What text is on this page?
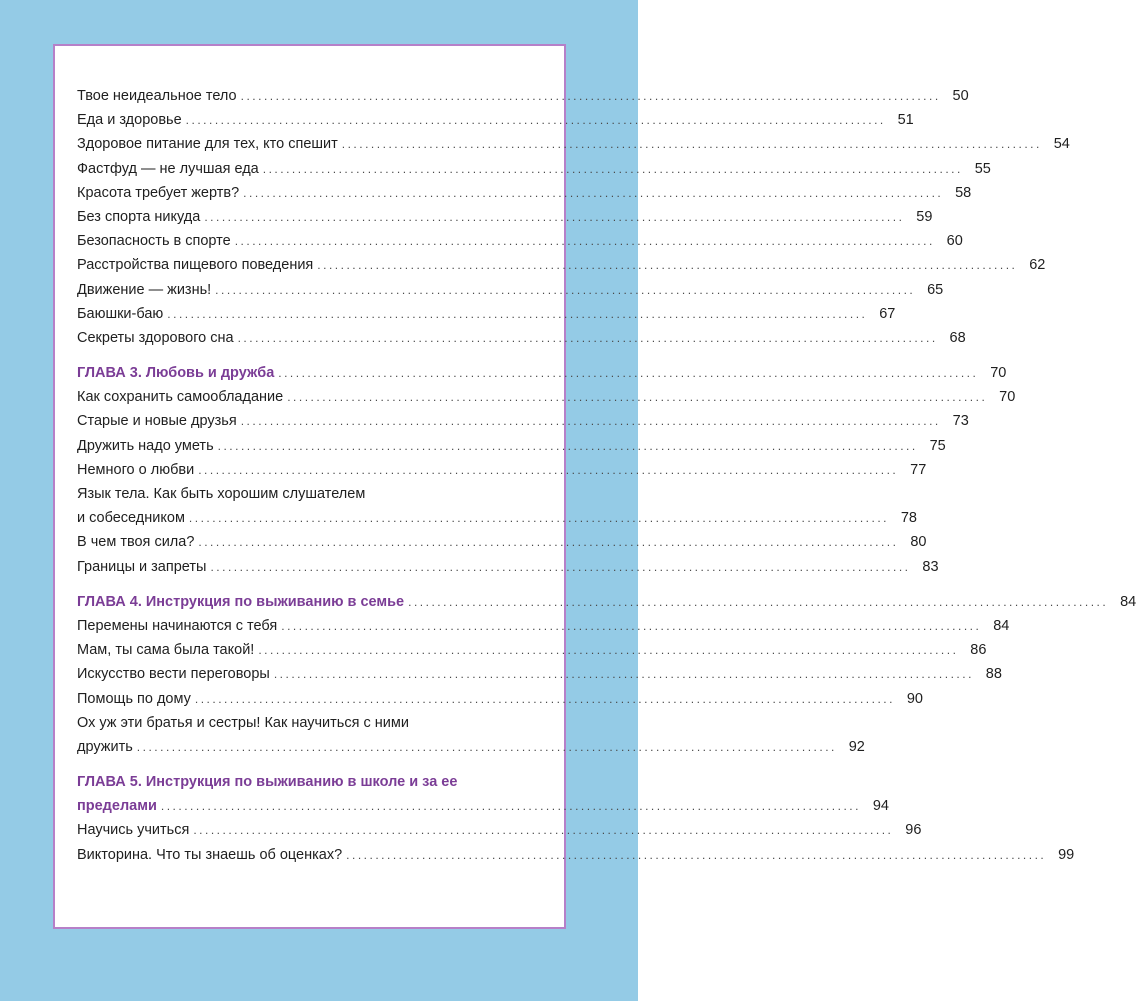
Твое неидеальное тело ........................................................................................................................ 50
Еда и здоровье ........................................................................................................................ 51
Здоровое питание для тех, кто спешит ........................................................................................................................ 54
Фастфуд — не лучшая еда ........................................................................................................................ 55
Красота требует жертв? ........................................................................................................................ 58
Без спорта никуда ........................................................................................................................ 59
Безопасность в спорте ........................................................................................................................ 60
Расстройства пищевого поведения ........................................................................................................................ 62
Движение — жизнь! ........................................................................................................................ 65
Баюшки-баю ........................................................................................................................ 67
Секреты здорового сна ........................................................................................................................ 68
ГЛАВА 3. Любовь и дружба ........................................................................................................................ 70
Как сохранить самообладание ........................................................................................................................ 70
Старые и новые друзья ........................................................................................................................ 73
Дружить надо уметь ........................................................................................................................ 75
Немного о любви ........................................................................................................................ 77
Язык тела. Как быть хорошим слушателем
и собеседником ........................................................................................................................ 78
В чем твоя сила? ........................................................................................................................ 80
Границы и запреты ........................................................................................................................ 83
ГЛАВА 4. Инструкция по выживанию в семье ........................................................................................................................ 84
Перемены начинаются с тебя ........................................................................................................................ 84
Мам, ты сама была такой! ........................................................................................................................ 86
Искусство вести переговоры ........................................................................................................................ 88
Помощь по дому ........................................................................................................................ 90
Ох уж эти братья и сестры! Как научиться с ними
дружить ........................................................................................................................ 92
ГЛАВА 5. Инструкция по выживанию в школе и за ее
пределами ........................................................................................................................ 94
Научись учиться ........................................................................................................................ 96
Викторина. Что ты знаешь об оценках? ........................................................................................................................ 99
